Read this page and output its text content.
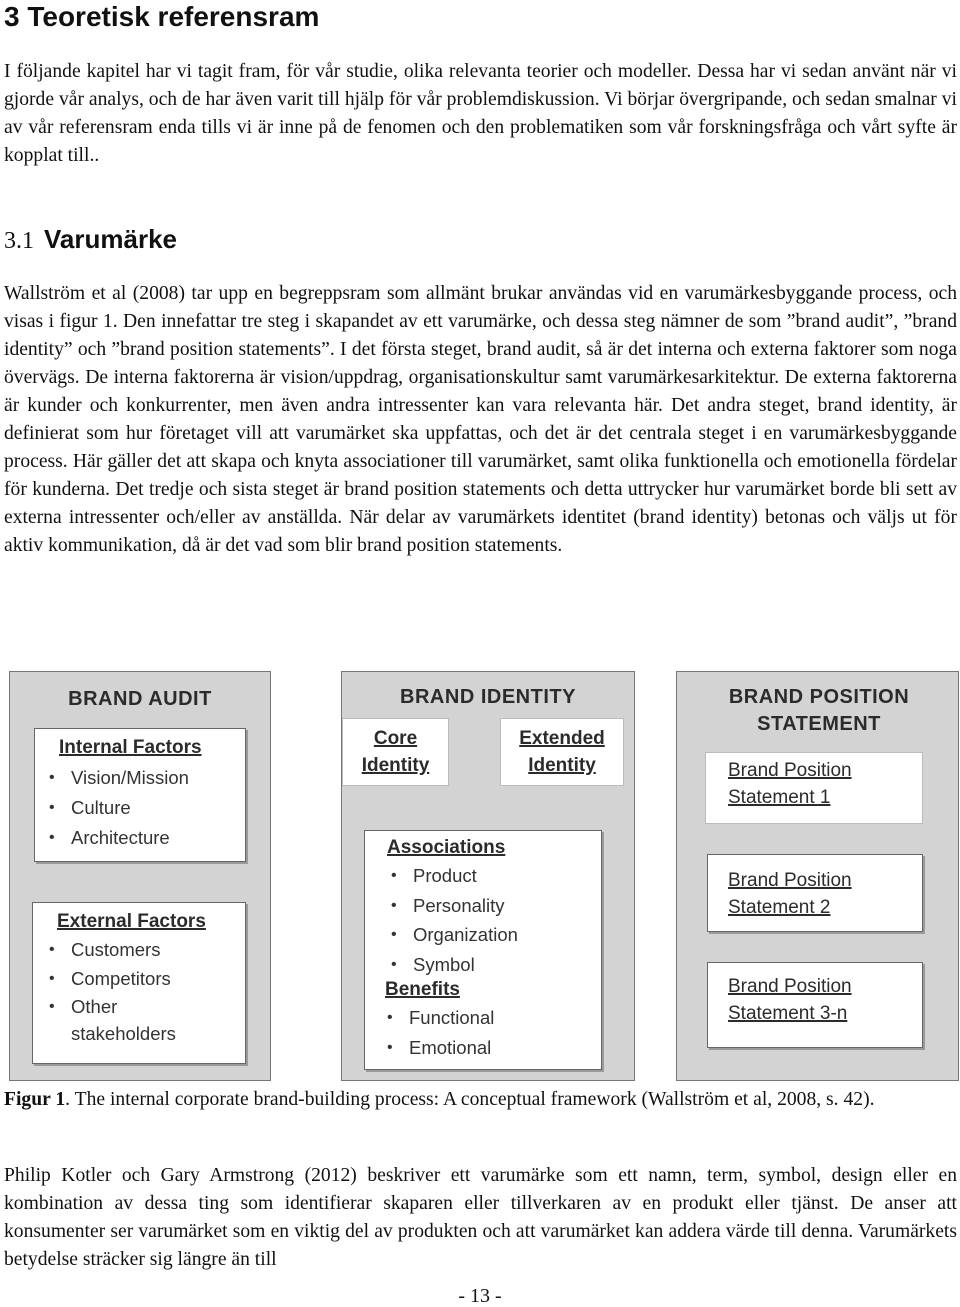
3 Teoretisk referensram
I följande kapitel har vi tagit fram, för vår studie, olika relevanta teorier och modeller. Dessa har vi sedan använt när vi gjorde vår analys, och de har även varit till hjälp för vår problemdiskussion. Vi börjar övergripande, och sedan smalnar vi av vår referensram enda tills vi är inne på de fenomen och den problematiken som vår forskningsfråga och vårt syfte är kopplat till..
3.1 Varumärke
Wallström et al (2008) tar upp en begreppsram som allmänt brukar användas vid en varumärkesbyggande process, och visas i figur 1. Den innefattar tre steg i skapandet av ett varumärke, och dessa steg nämner de som ”brand audit”, ”brand identity” och ”brand position statements”. I det första steget, brand audit, så är det interna och externa faktorer som noga övervägs. De interna faktorerna är vision/uppdrag, organisationskultur samt varumärkesarkitektur. De externa faktorerna är kunder och konkurrenter, men även andra intressenter kan vara relevanta här. Det andra steget, brand identity, är definierat som hur företaget vill att varumärket ska uppfattas, och det är det centrala steget i en varumärkesbyggande process. Här gäller det att skapa och knyta associationer till varumärket, samt olika funktionella och emotionella fördelar för kunderna. Det tredje och sista steget är brand position statements och detta uttrycker hur varumärket borde bli sett av externa intressenter och/eller av anställda. När delar av varumärkets identitet (brand identity) betonas och väljs ut för aktiv kommunikation, då är det vad som blir brand position statements.
BRAND AUDIT
Internal Factors
• Vision/Mission
• Culture
• Architecture
External Factors
• Customers
• Competitors
• Other stakeholders
BRAND IDENTITY
Core Identity
Extended Identity
Associations
• Product
• Personality
• Organization
• Symbol
Benefits
• Functional
• Emotional
BRAND POSITION STATEMENT
Brand Position Statement 1
Brand Position Statement 2
Brand Position Statement 3-n
Figur 1. The internal corporate brand-building process: A conceptual framework (Wallström et al, 2008, s. 42).
Philip Kotler och Gary Armstrong (2012) beskriver ett varumärke som ett namn, term, symbol, design eller en kombination av dessa ting som identifierar skaparen eller tillverkaren av en produkt eller tjänst. De anser att konsumenter ser varumärket som en viktig del av produkten och att varumärket kan addera värde till denna. Varumärkets betydelse sträcker sig längre än till
- 13 -
